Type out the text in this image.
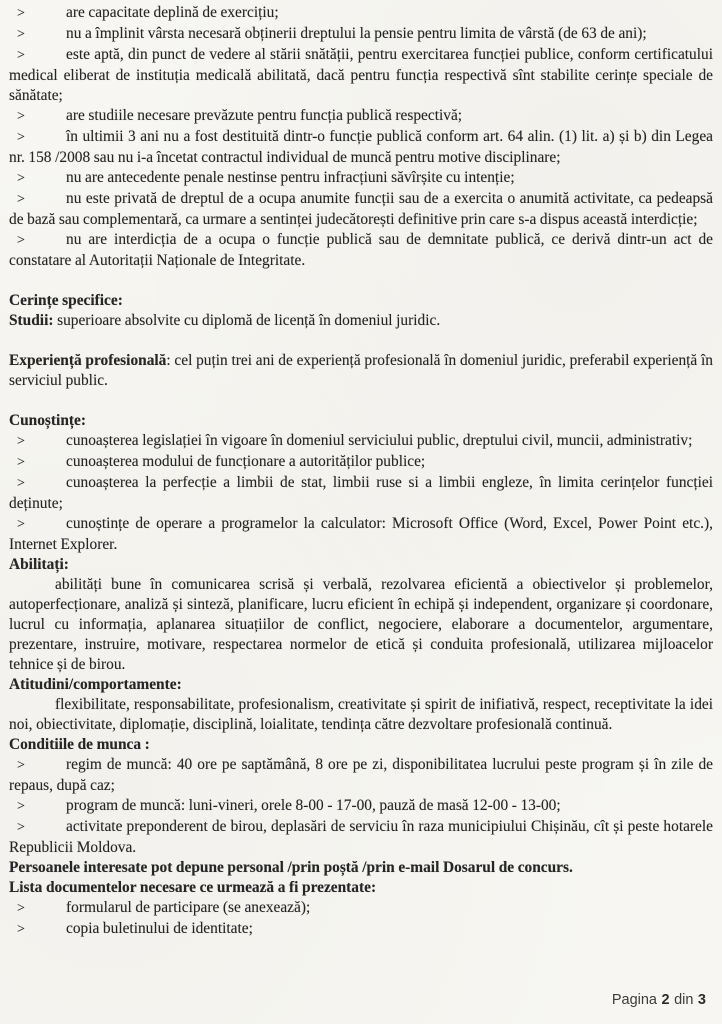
>	are capacitate deplină de exercițiu;

>	nu a împlinit vârsta necesară obținerii dreptului la pensie pentru limita de vârstă (de 63 de ani);

>	este aptă, din punct de vedere al stării snătății, pentru exercitarea funcției publice, conform certificatului medical eliberat de instituția medicală abilitată, dacă pentru funcția respectivă sînt stabilite cerințe speciale de sănătate;

>	are studiile necesare prevăzute pentru funcția publică respectivă;

>	în ultimii 3 ani nu a fost destituită dintr-o funcție publică conform art. 64 alin. (1) lit. a) și b) din Legea nr. 158 /2008 sau nu i-a încetat contractul individual de muncă pentru motive disciplinare;

>	nu are antecedente penale nestinse pentru infracțiuni săvîrșite cu intenție;

>	nu este privată de dreptul de a ocupa anumite funcții sau de a exercita o anumită activitate, ca pedeapsă de bază sau complementară, ca urmare a sentinței judecătorești definitive prin care s-a dispus această interdicție;

>	nu are interdicția de a ocupa o funcție publică sau de demnitate publică, ce derivă dintr-un act de constatare al Autoritații Naționale de Integritate.

Cerințe specifice:

Studii: superioare absolvite cu diplomă de licență în domeniul juridic.

Experiență profesională: cel puțin trei ani de experiență profesională în domeniul juridic, preferabil experiență în serviciul public.

Cunoștințe:

>	cunoașterea legislației în vigoare în domeniul serviciului public, dreptului civil, muncii, administrativ;

>	cunoașterea modului de funcționare a autorităților publice;

>	cunoașterea la perfecție a limbii de stat, limbii ruse si a limbii engleze, în limita cerințelor funcției deținute;

>	cunoștințe de operare a programelor la calculator: Microsoft Office (Word, Excel, Power Point etc.), Internet Explorer.

Abilitați:

abilități bune în comunicarea scrisă și verbală, rezolvarea eficientă a obiectivelor și problemelor, autoperfecționare, analiză și sinteză, planificare, lucru eficient în echipă și independent, organizare și coordonare, lucrul cu informația, aplanarea situațiilor de conflict, negociere, elaborare a documentelor, argumentare, prezentare, instruire, motivare, respectarea normelor de etică și conduita profesională, utilizarea mijloacelor tehnice și de birou.

Atitudini/comportamente:

flexibilitate, responsabilitate, profesionalism, creativitate și spirit de inifiativă, respect, receptivitate la idei noi, obiectivitate, diplomație, disciplină, loialitate, tendința către dezvoltare profesională continuă.

Conditiile de munca :

>	regim de muncă: 40 ore pe saptămână, 8 ore pe zi, disponibilitatea lucrului peste program și în zile de repaus, după caz;

>	program de muncă: luni-vineri, orele 8-00 - 17-00, pauză de masă 12-00 - 13-00;

>	activitate preponderent de birou, deplasări de serviciu în raza municipiului Chișinău, cît și peste hotarele Republicii Moldova.

Persoanele interesate pot depune personal /prin poștă /prin e-mail Dosarul de concurs.

Lista documentelor necesare ce urmează a fi prezentate:

>	formularul de participare (se anexează);

>	copia buletinului de identitate;

Pagina 2 din 3
